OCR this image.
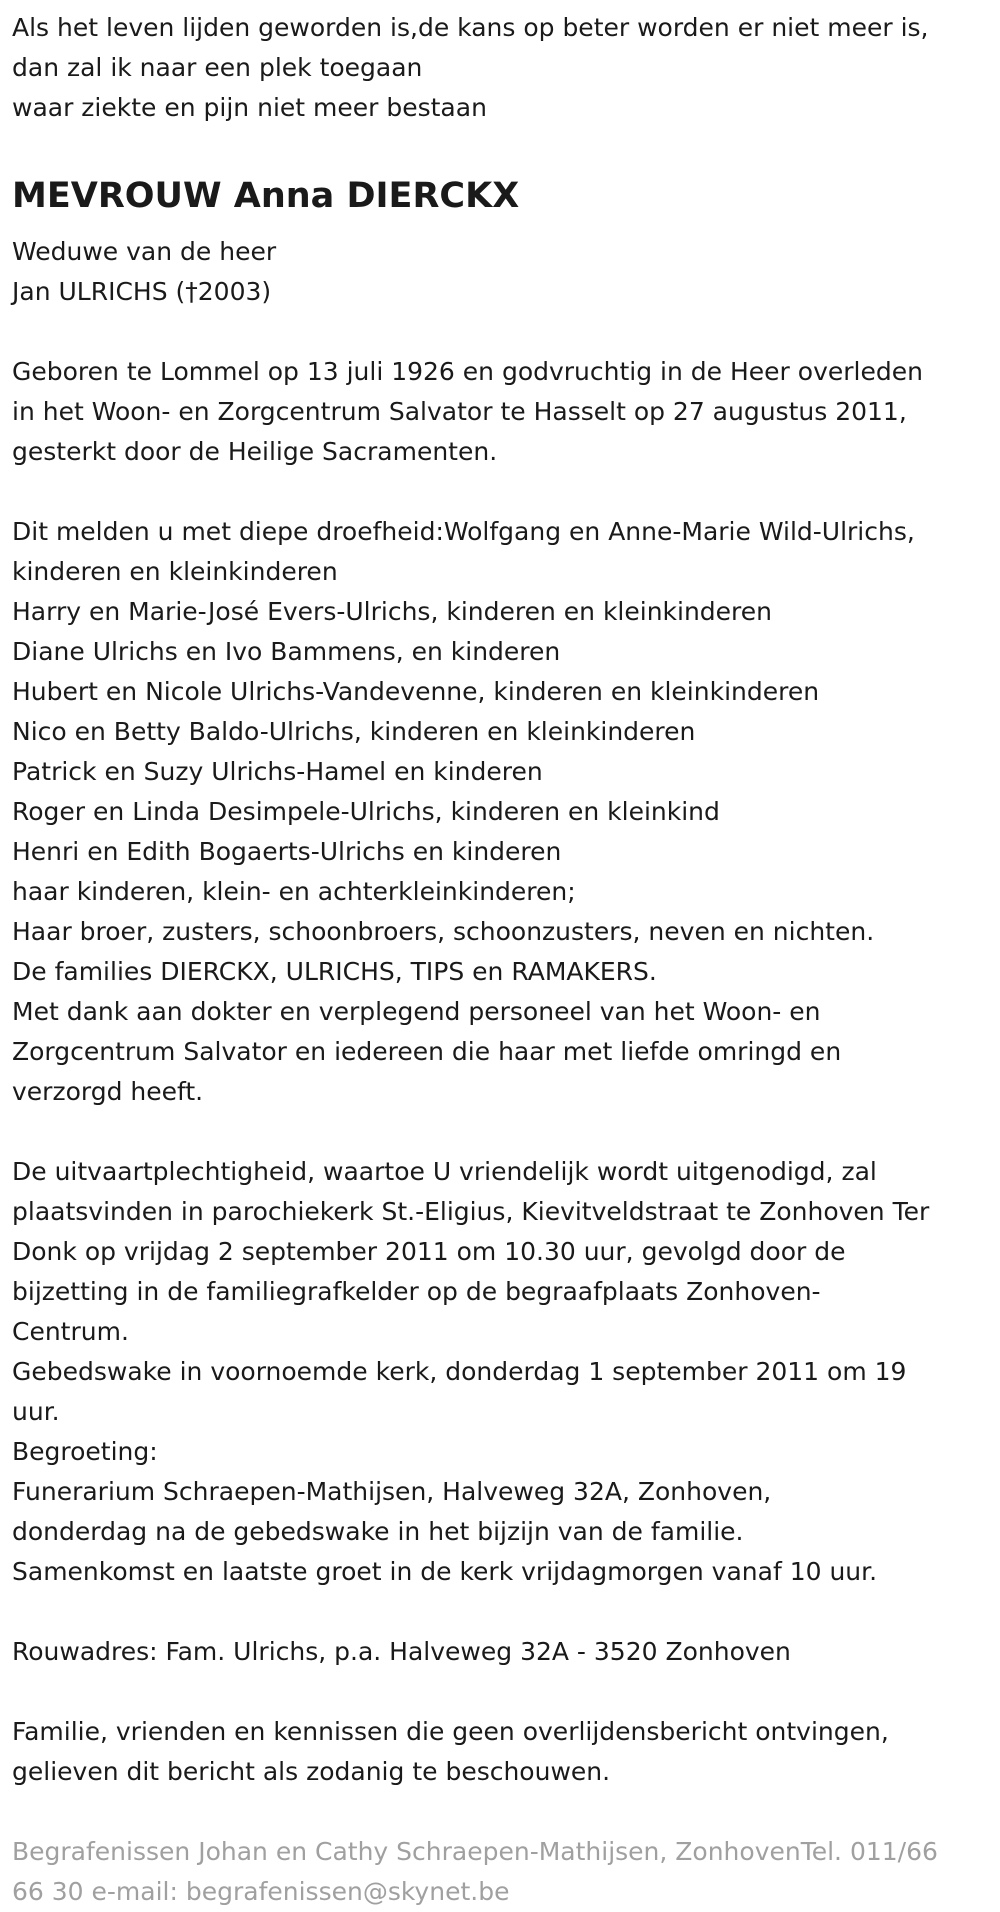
Als het leven lijden geworden is,de kans op beter worden er niet meer is,
dan zal ik naar een plek toegaan
waar ziekte en pijn niet meer bestaan
MEVROUW Anna DIERCKX
Weduwe van de heer
Jan ULRICHS (†2003)
Geboren te Lommel op 13 juli 1926 en godvruchtig in de Heer overleden
in het Woon- en Zorgcentrum Salvator te Hasselt op 27 augustus 2011,
gesterkt door de Heilige Sacramenten.
Dit melden u met diepe droefheid:Wolfgang en Anne-Marie Wild-Ulrichs,
kinderen en kleinkinderen
Harry en Marie-José Evers-Ulrichs, kinderen en kleinkinderen
Diane Ulrichs en Ivo Bammens, en kinderen
Hubert en Nicole Ulrichs-Vandevenne, kinderen en kleinkinderen
Nico en Betty Baldo-Ulrichs, kinderen en kleinkinderen
Patrick en Suzy Ulrichs-Hamel en kinderen
Roger en Linda Desimpele-Ulrichs, kinderen en kleinkind
Henri en Edith Bogaerts-Ulrichs en kinderen
haar kinderen, klein- en achterkleinkinderen;
Haar broer, zusters, schoonbroers, schoonzusters, neven en nichten.
De families DIERCKX, ULRICHS, TIPS en RAMAKERS.
Met dank aan dokter en verplegend personeel van het Woon- en
Zorgcentrum Salvator en iedereen die haar met liefde omringd en
verzorgd heeft.
De uitvaartplechtigheid, waartoe U vriendelijk wordt uitgenodigd, zal
plaatsvinden in parochiekerk St.-Eligius, Kievitveldstraat te Zonhoven Ter
Donk op vrijdag 2 september 2011 om 10.30 uur, gevolgd door de
bijzetting in de familiegrafkelder op de begraafplaats Zonhoven-
Centrum.
Gebedswake in voornoemde kerk, donderdag 1 september 2011 om 19
uur.
Begroeting:
Funerarium Schraepen-Mathijsen, Halveweg 32A, Zonhoven,
donderdag na de gebedswake in het bijzijn van de familie.
Samenkomst en laatste groet in de kerk vrijdagmorgen vanaf 10 uur.
Rouwadres: Fam. Ulrichs, p.a. Halveweg 32A - 3520 Zonhoven
Familie, vrienden en kennissen die geen overlijdensbericht ontvingen,
gelieven dit bericht als zodanig te beschouwen.
Begrafenissen Johan en Cathy Schraepen-Mathijsen, ZonhovenTel. 011/66
66 30 e-mail: begrafenissen@skynet.be
